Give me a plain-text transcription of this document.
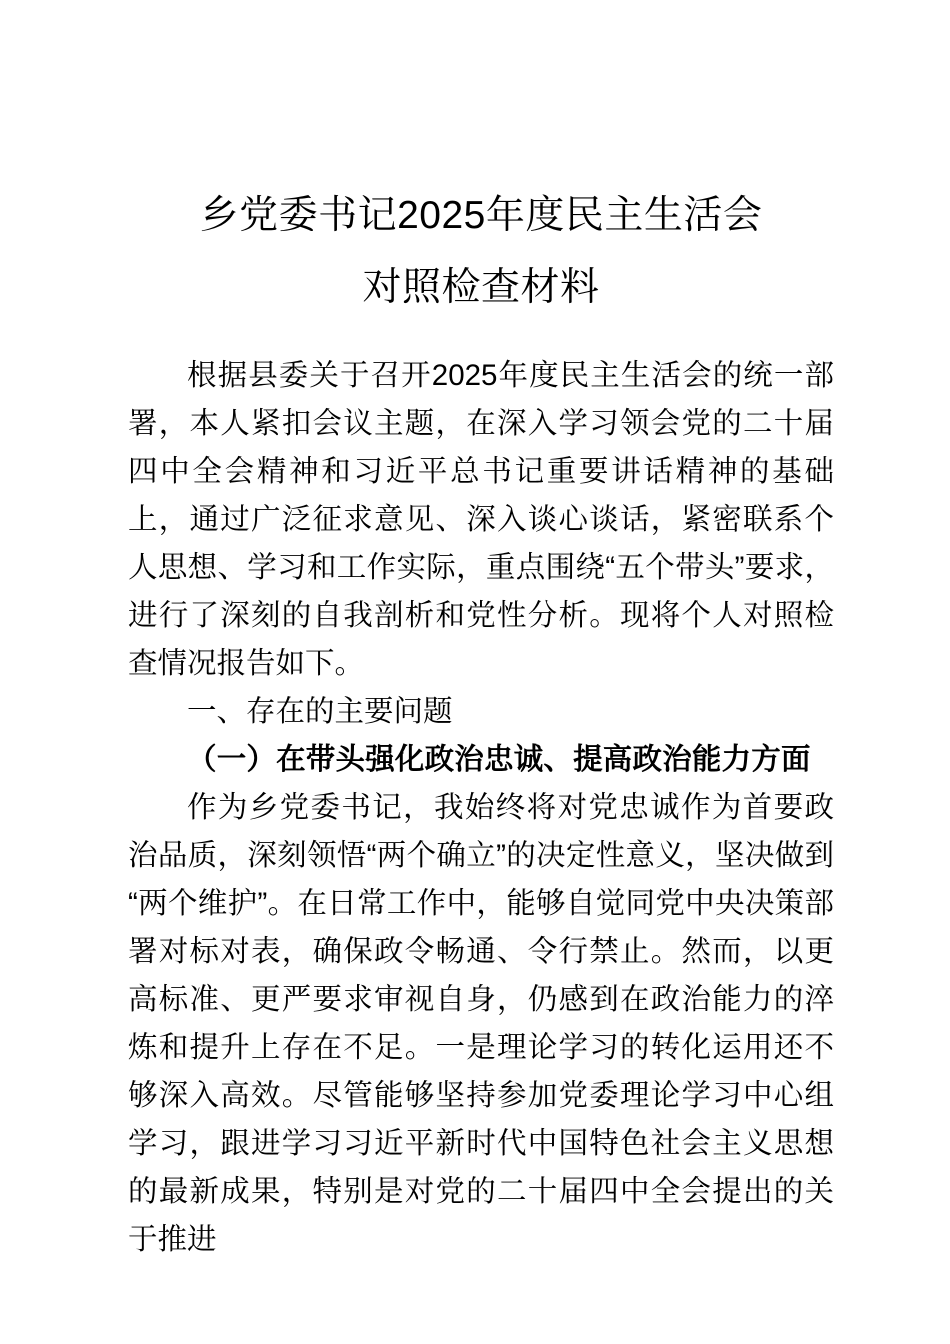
乡党委书记2025年度民主生活会
对照检查材料

根据县委关于召开2025年度民主生活会的统一部署，本人紧扣会议主题，在深入学习领会党的二十届四中全会精神和习近平总书记重要讲话精神的基础上，通过广泛征求意见、深入谈心谈话，紧密联系个人思想、学习和工作实际，重点围绕“五个带头”要求，进行了深刻的自我剖析和党性分析。现将个人对照检查情况报告如下。

一、存在的主要问题

（一）在带头强化政治忠诚、提高政治能力方面

作为乡党委书记，我始终将对党忠诚作为首要政治品质，深刻领悟“两个确立”的决定性意义，坚决做到“两个维护”。在日常工作中，能够自觉同党中央决策部署对标对表，确保政令畅通、令行禁止。然而，以更高标准、更严要求审视自身，仍感到在政治能力的淬炼和提升上存在不足。一是理论学习的转化运用还不够深入高效。尽管能够坚持参加党委理论学习中心组学习，跟进学习习近平新时代中国特色社会主义思想的最新成果，特别是对党的二十届四中全会提出的关于推进
